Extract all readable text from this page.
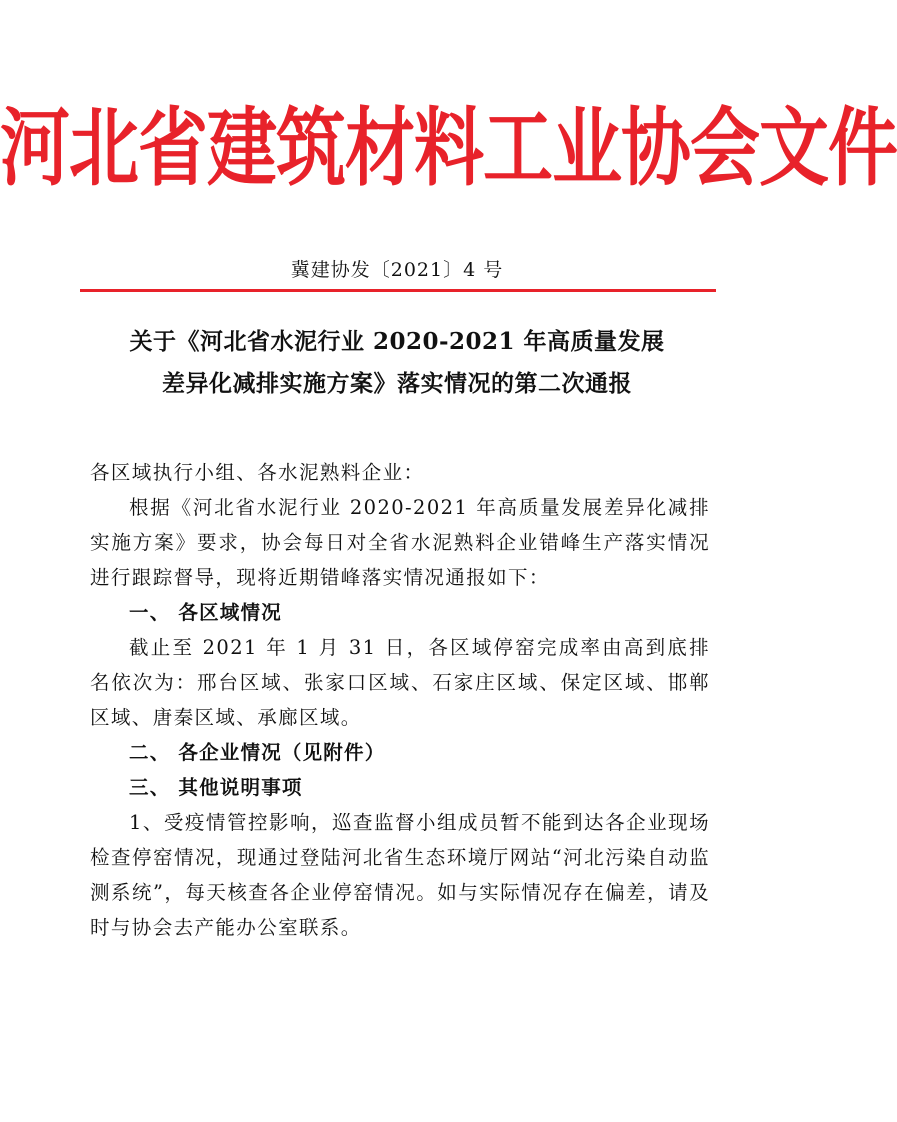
河北省建筑材料工业协会文件
冀建协发〔2021〕4 号
关于《河北省水泥行业 2020-2021 年高质量发展
差异化减排实施方案》落实情况的第二次通报

各区域执行小组、各水泥熟料企业：

根据《河北省水泥行业 2020-2021 年高质量发展差异化减排实施方案》要求，协会每日对全省水泥熟料企业错峰生产落实情况进行跟踪督导，现将近期错峰落实情况通报如下：

一、 各区域情况

截止至 2021 年 1 月 31 日，各区域停窑完成率由高到底排名依次为：邢台区域、张家口区域、石家庄区域、保定区域、邯郸区域、唐秦区域、承廊区域。

二、 各企业情况（见附件）

三、 其他说明事项

1、受疫情管控影响，巡查监督小组成员暂不能到达各企业现场检查停窑情况，现通过登陆河北省生态环境厅网站“河北污染自动监测系统”，每天核查各企业停窑情况。如与实际情况存在偏差，请及时与协会去产能办公室联系。
